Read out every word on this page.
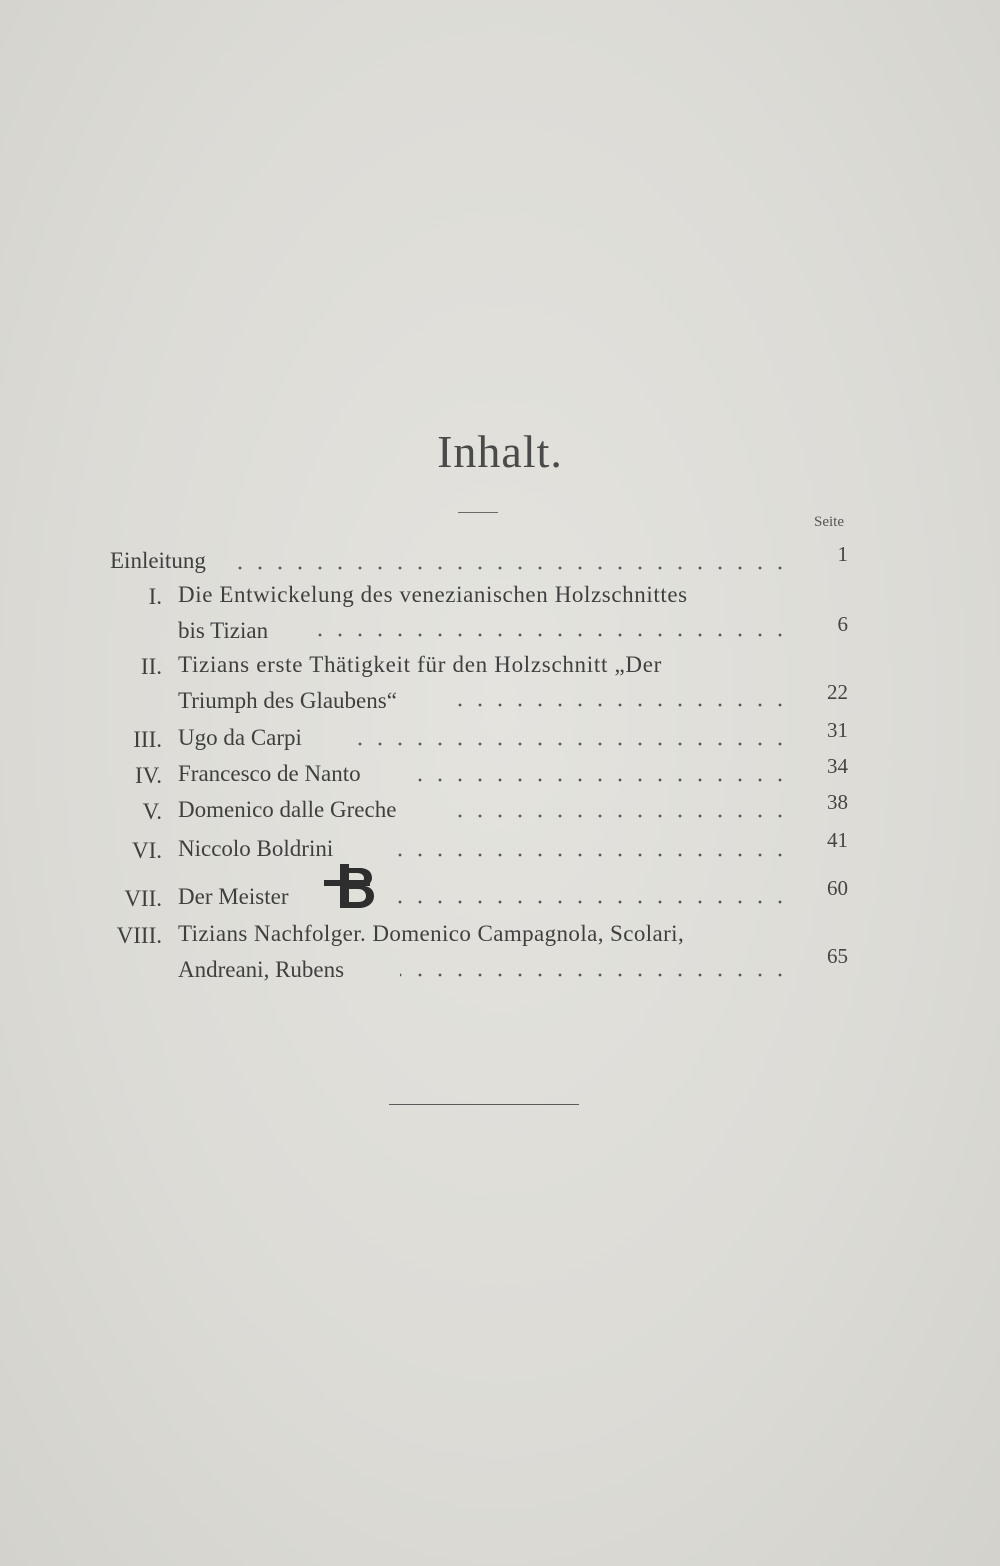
Inhalt.
Seite
Einleitung	1
I. Die Entwickelung des venezianischen Holzschnittes
bis Tizian	6
II. Tizians erste Thätigkeit für den Holzschnitt „Der
Triumph des Glaubens“	22
III. Ugo da Carpi	31
IV. Francesco de Nanto	34
V. Domenico dalle Greche	38
VI. Niccolo Boldrini	41
VII. Der Meister	60
VIII. Tizians Nachfolger. Domenico Campagnola, Scolari,
Andreani, Rubens
65
